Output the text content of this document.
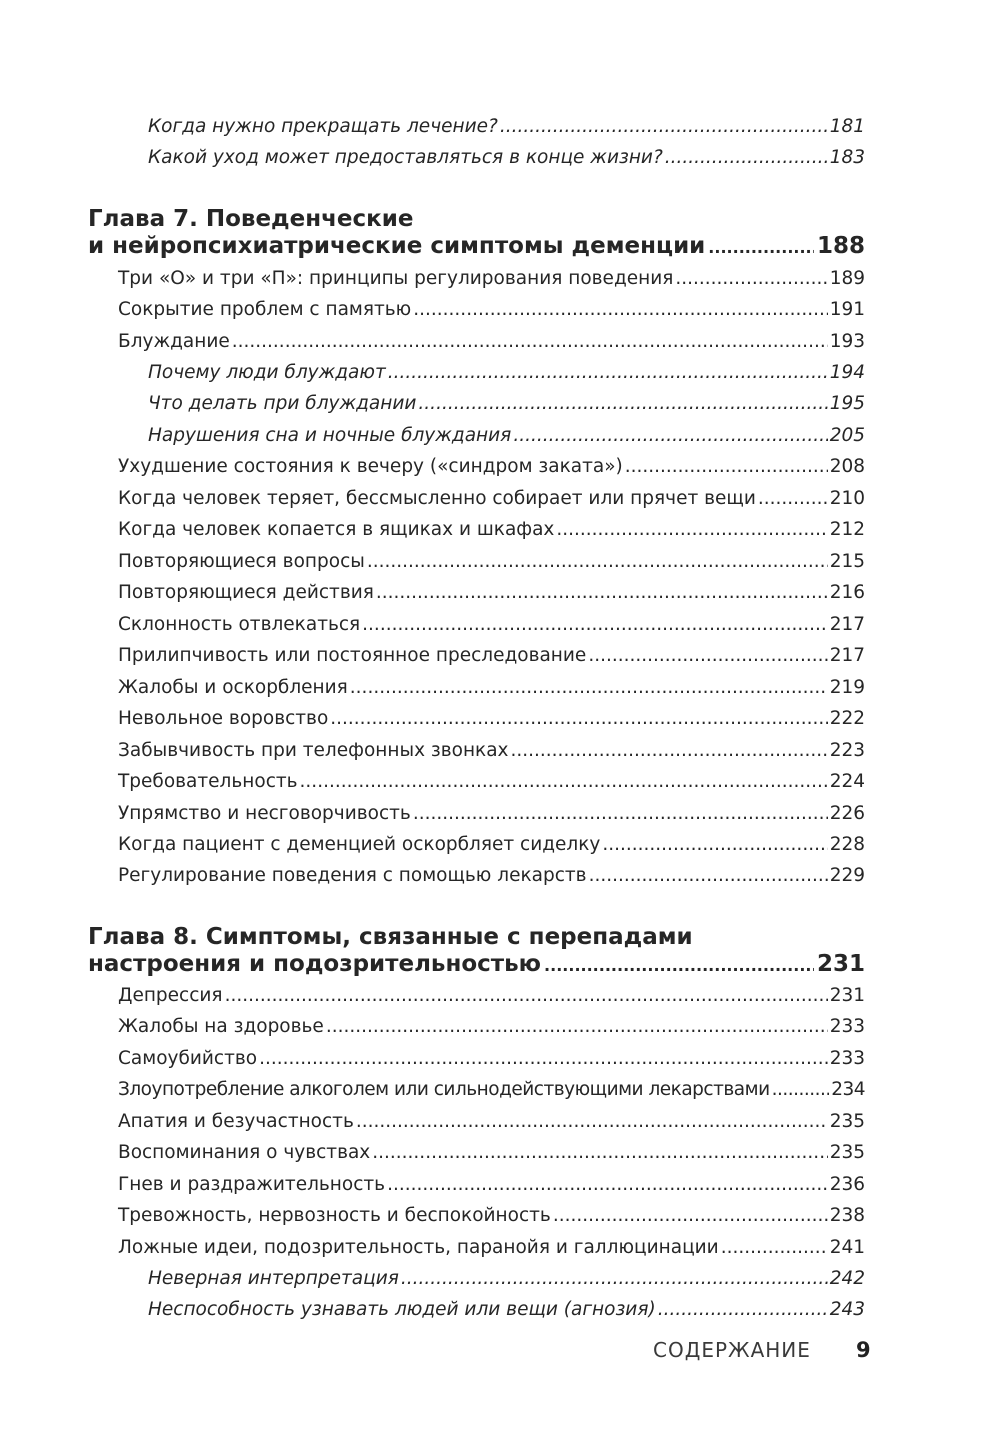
Когда нужно прекращать лечение? .....	181
Какой уход может предоставляться в конце жизни? .....	183
Глава 7. Поведенческие
и нейропсихиатрические симптомы деменции .....	188
Три «О» и три «П»: принципы регулирования поведения .....	189
Сокрытие проблем с памятью .....	191
Блуждание .....	193
Почему люди блуждают .....	194
Что делать при блуждании .....	195
Нарушения сна и ночные блуждания .....	205
Ухудшение состояния к вечеру («синдром заката») .....	208
Когда человек теряет, бессмысленно собирает или прячет вещи .....	210
Когда человек копается в ящиках и шкафах .....	212
Повторяющиеся вопросы .....	215
Повторяющиеся действия .....	216
Склонность отвлекаться .....	217
Прилипчивость или постоянное преследование .....	217
Жалобы и оскорбления .....	219
Невольное воровство .....	222
Забывчивость при телефонных звонках .....	223
Требовательность .....	224
Упрямство и несговорчивость .....	226
Когда пациент с деменцией оскорбляет сиделку .....	228
Регулирование поведения с помощью лекарств .....	229
Глава 8. Симптомы, связанные с перепадами
настроения и подозрительностью .....	231
Депрессия .....	231
Жалобы на здоровье .....	233
Самоубийство .....	233
Злоупотребление алкоголем или сильнодействующими лекарствами .....	234
Апатия и безучастность .....	235
Воспоминания о чувствах .....	235
Гнев и раздражительность .....	236
Тревожность, нервозность и беспокойность .....	238
Ложные идеи, подозрительность, паранойя и галлюцинации .....	241
Неверная интерпретация .....	242
Неспособность узнавать людей или вещи (агнозия) .....	243
СОДЕРЖАНИЕ 9
